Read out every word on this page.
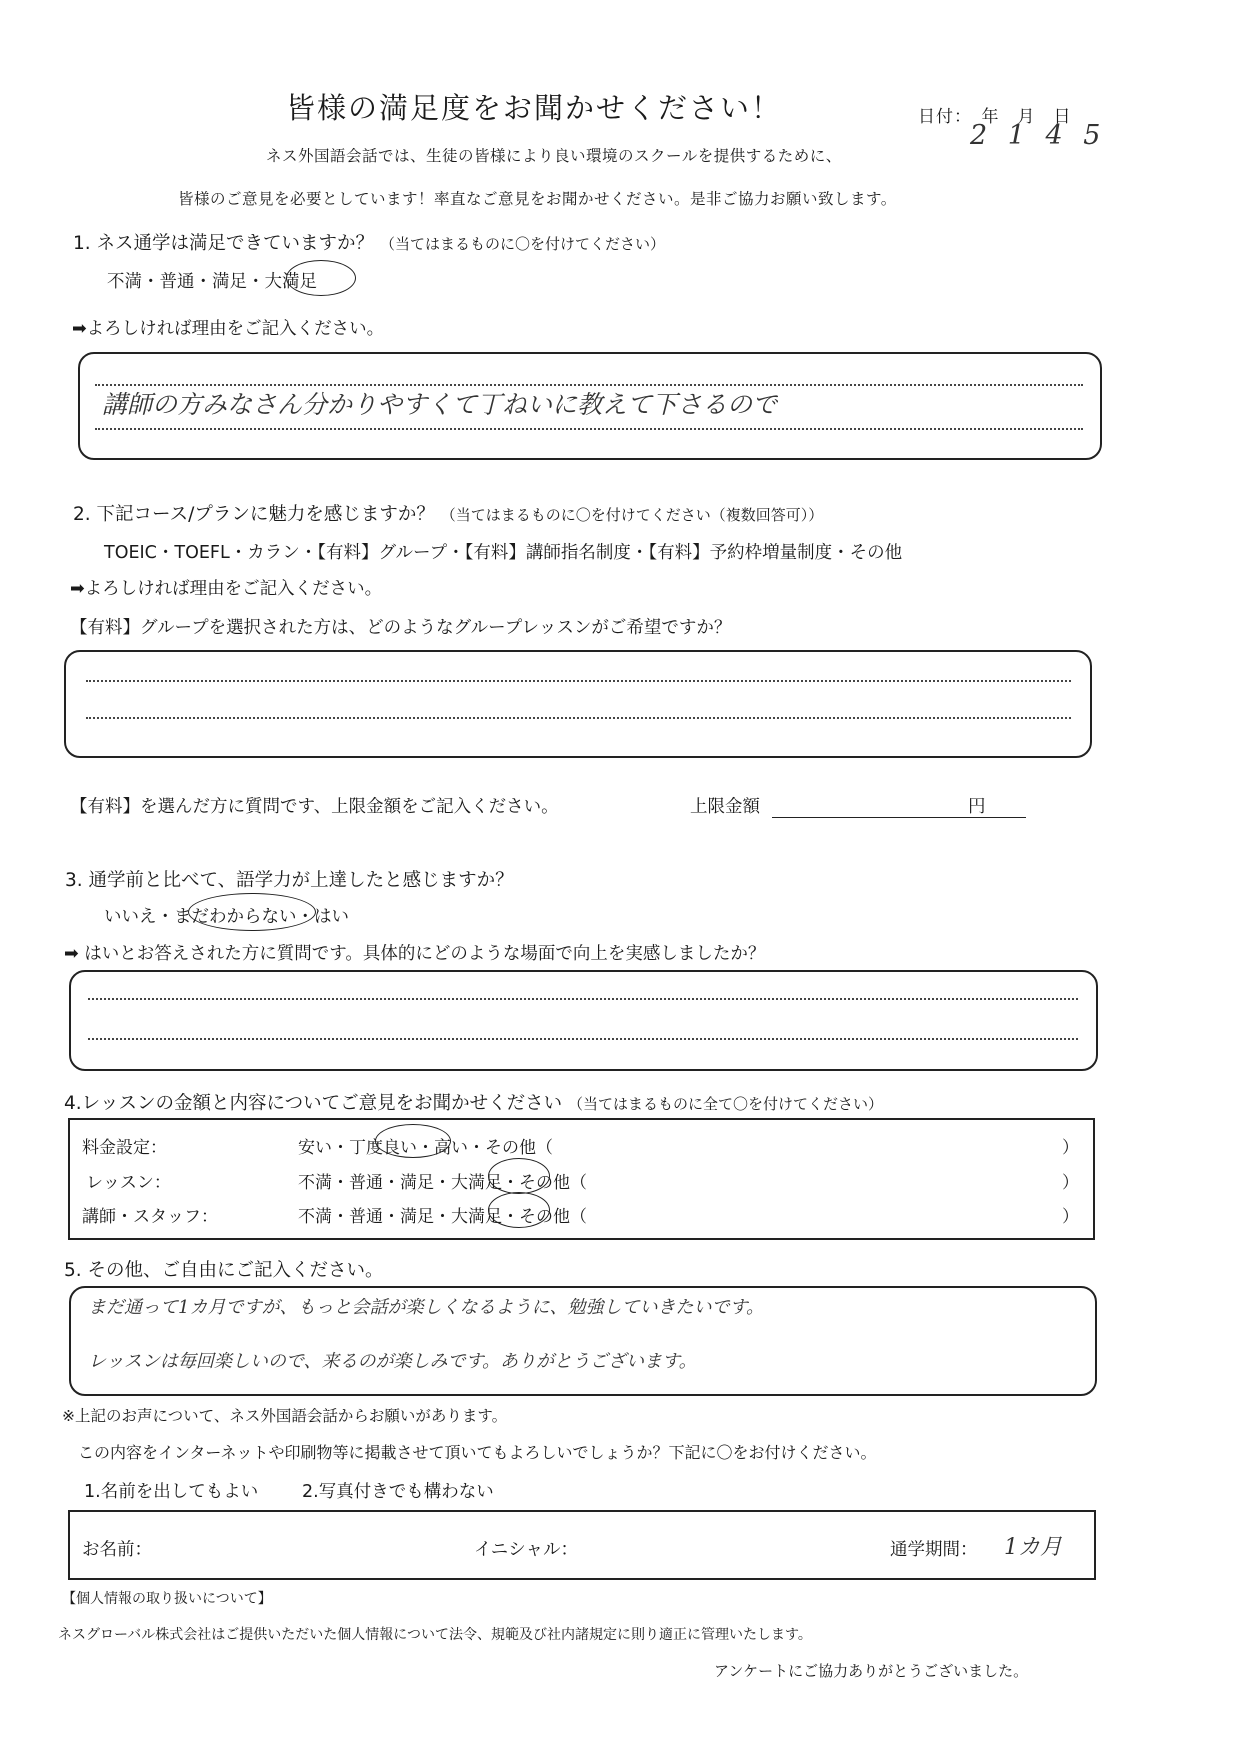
皆様の満足度をお聞かせください！	日付：　年　月　日
2 1 4 5
ネス外国語会話では、生徒の皆様により良い環境のスクールを提供するために、
皆様のご意見を必要としています！率直なご意見をお聞かせください。是非ご協力お願い致します。
1. ネス通学は満足できていますか？ （当てはまるものに〇を付けてください）
不満・普通・満足・大満足
➡よろしければ理由をご記入ください。
講師の方みなさん分かりやすくて丁ねいに教えて下さるので
2. 下記コース/プランに魅力を感じますか？ （当てはまるものに〇を付けてください（複数回答可））
TOEIC・TOEFL・カラン・【有料】グループ・【有料】講師指名制度・【有料】予約枠増量制度・その他
➡よろしければ理由をご記入ください。
【有料】グループを選択された方は、どのようなグループレッスンがご希望ですか？
【有料】を選んだ方に質問です、上限金額をご記入ください。	上限金額	円
3. 通学前と比べて、語学力が上達したと感じますか？
いいえ・まだわからない・はい
➡ はいとお答えされた方に質問です。具体的にどのような場面で向上を実感しましたか？
4.レッスンの金額と内容についてご意見をお聞かせください （当てはまるものに全て〇を付けてください）
料金設定：	安い・丁度良い・高い・その他（	）
レッスン：	不満・普通・満足・大満足・その他（	）
講師・スタッフ：	不満・普通・満足・大満足・その他（	）
5. その他、ご自由にご記入ください。
まだ通って1カ月ですが、もっと会話が楽しくなるように、勉強していきたいです。
レッスンは毎回楽しいので、来るのが楽しみです。ありがとうございます。
※上記のお声について、ネス外国語会話からお願いがあります。
この内容をインターネットや印刷物等に掲載させて頂いてもよろしいでしょうか？下記に〇をお付けください。
1.名前を出してもよい	2.写真付きでも構わない
お名前：	イニシャル：	通学期間： 1カ月
【個人情報の取り扱いについて】
ネスグローバル株式会社はご提供いただいた個人情報について法令、規範及び社内諸規定に則り適正に管理いたします。
アンケートにご協力ありがとうございました。
